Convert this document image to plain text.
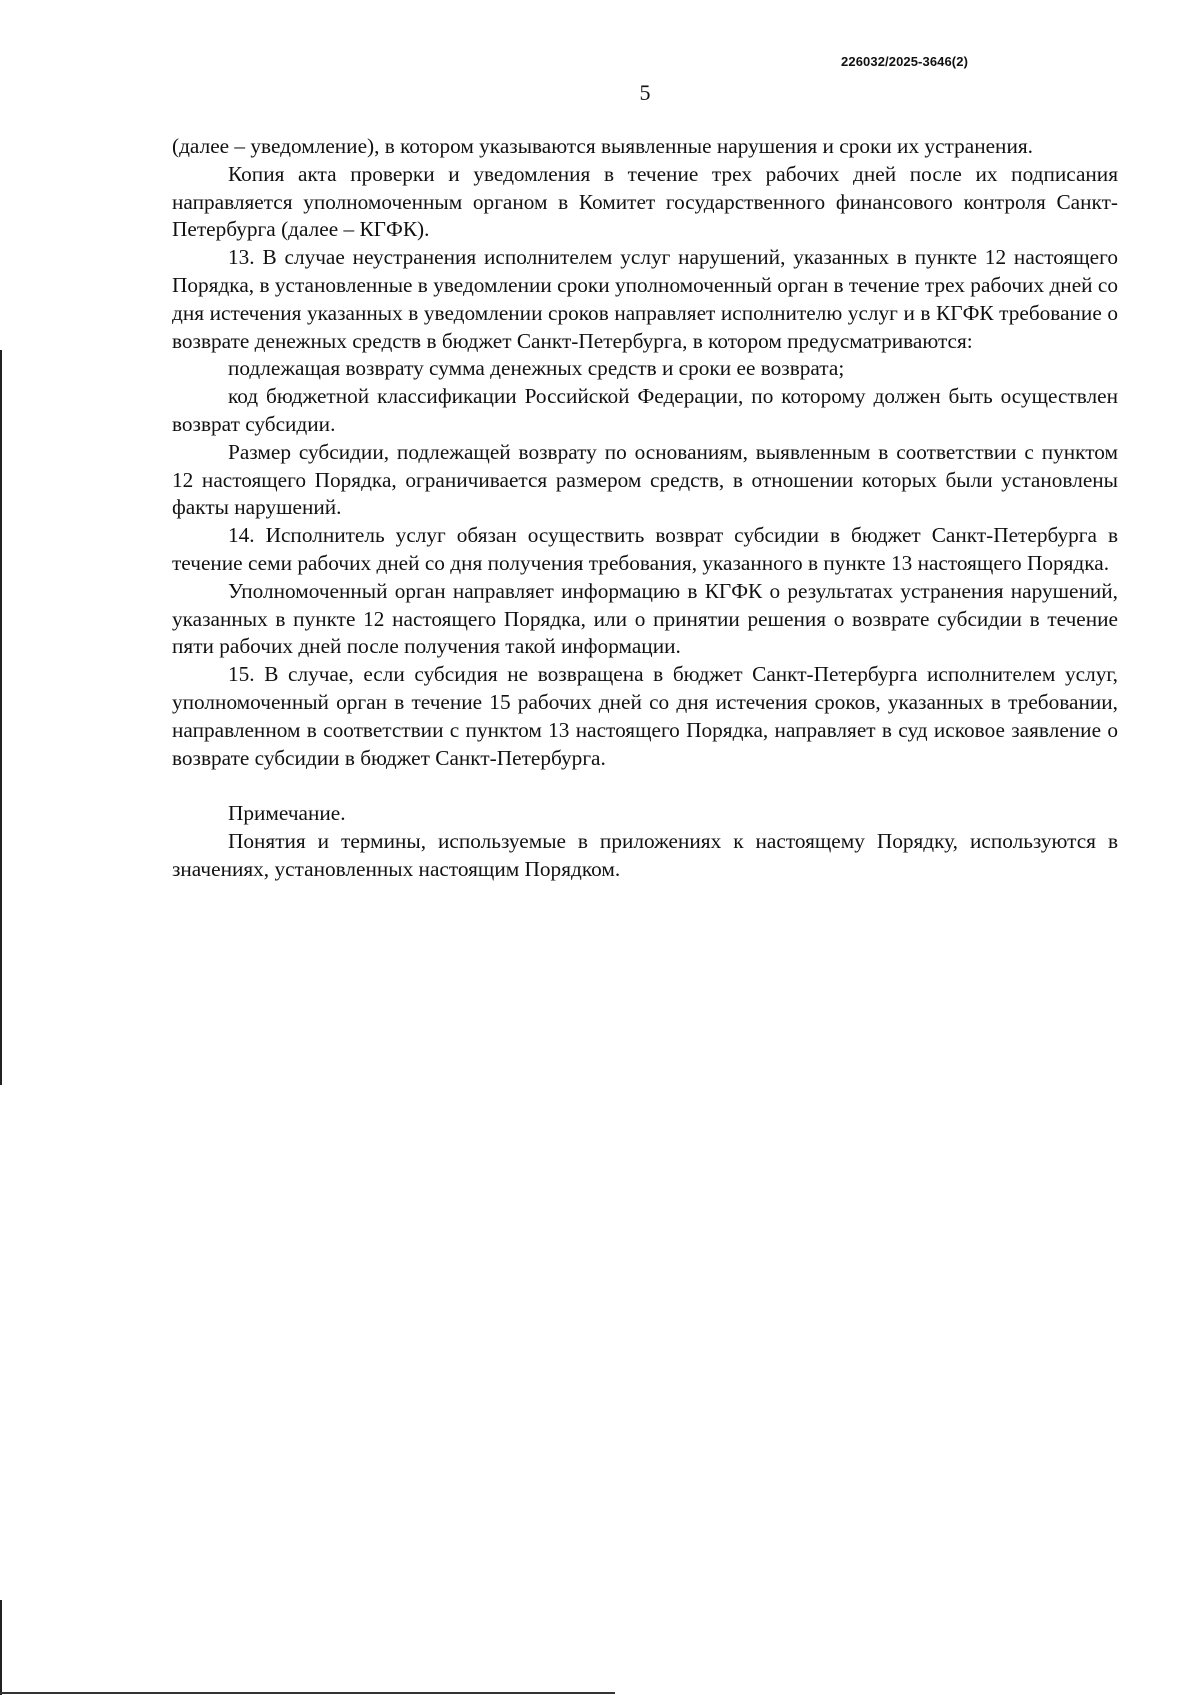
226032/2025-3646(2)
5

(далее – уведомление), в котором указываются выявленные нарушения и сроки их устранения.

Копия акта проверки и уведомления в течение трех рабочих дней после их подписания направляется уполномоченным органом в Комитет государственного финансового контроля Санкт-Петербурга (далее – КГФК).

13. В случае неустранения исполнителем услуг нарушений, указанных в пункте 12 настоящего Порядка, в установленные в уведомлении сроки уполномоченный орган в течение трех рабочих дней со дня истечения указанных в уведомлении сроков направляет исполнителю услуг и в КГФК требование о возврате денежных средств в бюджет Санкт-Петербурга, в котором предусматриваются:

подлежащая возврату сумма денежных средств и сроки ее возврата;

код бюджетной классификации Российской Федерации, по которому должен быть осуществлен возврат субсидии.

Размер субсидии, подлежащей возврату по основаниям, выявленным в соответствии с пунктом 12 настоящего Порядка, ограничивается размером средств, в отношении которых были установлены факты нарушений.

14. Исполнитель услуг обязан осуществить возврат субсидии в бюджет Санкт-Петербурга в течение семи рабочих дней со дня получения требования, указанного в пункте 13 настоящего Порядка.

Уполномоченный орган направляет информацию в КГФК о результатах устранения нарушений, указанных в пункте 12 настоящего Порядка, или о принятии решения о возврате субсидии в течение пяти рабочих дней после получения такой информации.

15. В случае, если субсидия не возвращена в бюджет Санкт-Петербурга исполнителем услуг, уполномоченный орган в течение 15 рабочих дней со дня истечения сроков, указанных в требовании, направленном в соответствии с пунктом 13 настоящего Порядка, направляет в суд исковое заявление о возврате субсидии в бюджет Санкт-Петербурга.

Примечание.

Понятия и термины, используемые в приложениях к настоящему Порядку, используются в значениях, установленных настоящим Порядком.
